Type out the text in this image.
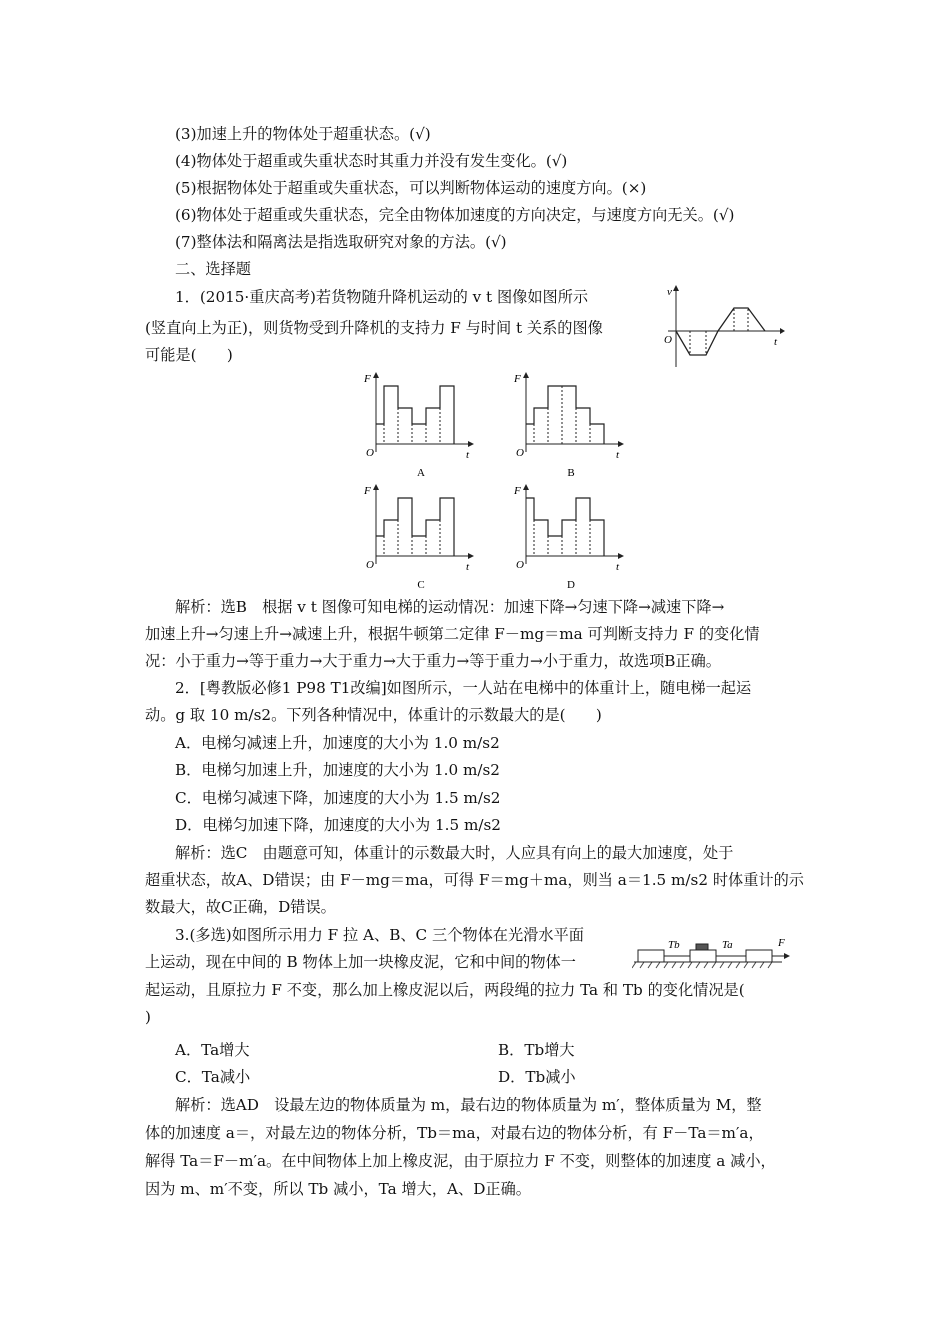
(3)加速上升的物体处于超重状态。(√)
(4)物体处于超重或失重状态时其重力并没有发生变化。(√)
(5)根据物体处于超重或失重状态，可以判断物体运动的速度方向。(×)
(6)物体处于超重或失重状态，完全由物体加速度的方向决定，与速度方向无关。(√)
(7)整体法和隔离法是指选取研究对象的方法。(√)
二、选择题
1．(2015·重庆高考)若货物随升降机运动的 v t 图像如图所示
(竖直向上为正)，则货物受到升降机的支持力 F 与时间 t 关系的图像
可能是(　　)
v
O	t
F
O	t
A
F
O	t
B
F
O	t
C
F
O	t
D
解析：选B　根据 v t 图像可知电梯的运动情况：加速下降→匀速下降→减速下降→
加速上升→匀速上升→减速上升，根据牛顿第二定律 F－mg＝ma 可判断支持力 F 的变化情
况：小于重力→等于重力→大于重力→大于重力→等于重力→小于重力，故选项B正确。
2．[粤教版必修1 P98 T1改编]如图所示，一人站在电梯中的体重计上，随电梯一起运
动。g 取 10 m/s2。下列各种情况中，体重计的示数最大的是(　　)
A．电梯匀减速上升，加速度的大小为 1.0 m/s2
B．电梯匀加速上升，加速度的大小为 1.0 m/s2
C．电梯匀减速下降，加速度的大小为 1.5 m/s2
D．电梯匀加速下降，加速度的大小为 1.5 m/s2
解析：选C　由题意可知，体重计的示数最大时，人应具有向上的最大加速度，处于
超重状态，故A、D错误；由 F－mg＝ma，可得 F＝mg＋ma，则当 a＝1.5 m/s2 时体重计的示
数最大，故C正确，D错误。
3.(多选)如图所示用力 F 拉 A、B、C 三个物体在光滑水平面
上运动，现在中间的 B 物体上加一块橡皮泥，它和中间的物体一
起运动，且原拉力 F 不变，那么加上橡皮泥以后，两段绳的拉力 Ta 和 Tb 的变化情况是(
)
Tb	Ta	F
A．Ta增大	B．Tb增大
C．Ta减小	D．Tb减小
解析：选AD　设最左边的物体质量为 m，最右边的物体质量为 m′，整体质量为 M，整
体的加速度 a＝，对最左边的物体分析，Tb＝ma，对最右边的物体分析，有 F－Ta＝m′a，
解得 Ta＝F－m′a。在中间物体上加上橡皮泥，由于原拉力 F 不变，则整体的加速度 a 减小，
因为 m、m′不变，所以 Tb 减小，Ta 增大，A、D正确。
